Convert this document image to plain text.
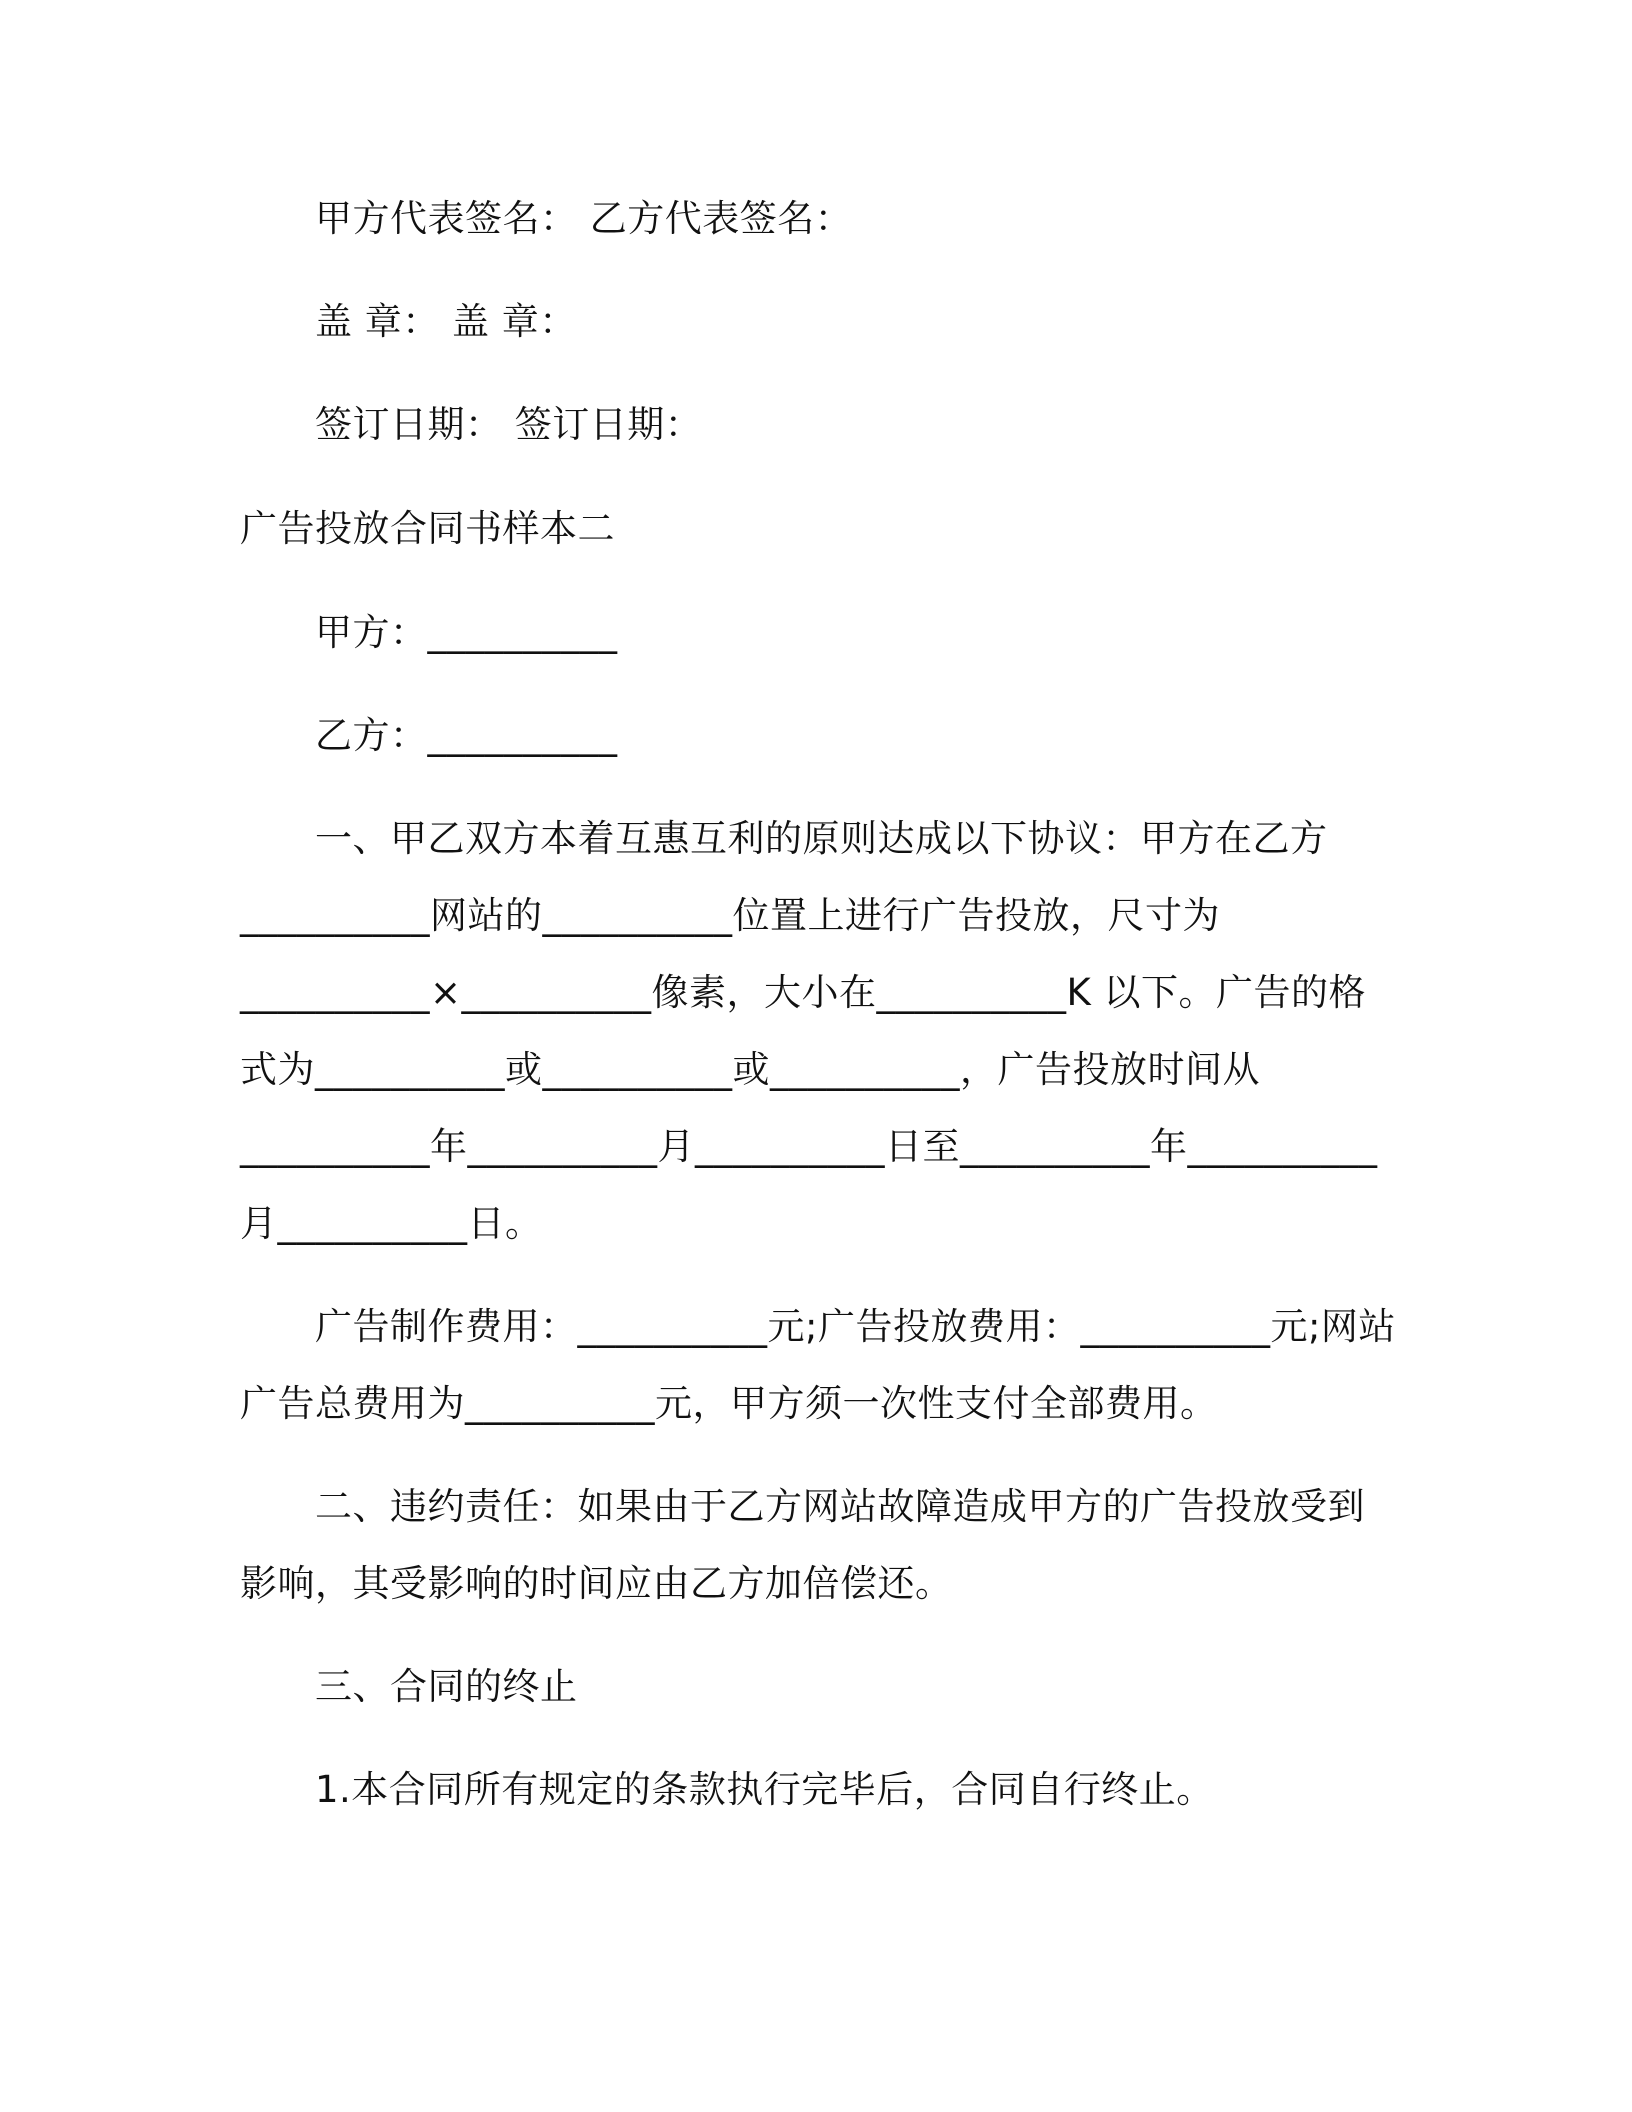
甲方代表签名： 乙方代表签名：
盖 章： 盖 章：
签订日期： 签订日期：
广告投放合同书样本二
甲方：__________
乙方：__________
一、甲乙双方本着互惠互利的原则达成以下协议：甲方在乙方
__________网站的__________位置上进行广告投放，尺寸为
__________×__________像素，大小在__________K 以下。广告的格
式为__________或__________或__________，广告投放时间从
__________年__________月__________日至__________年__________
月__________日。
广告制作费用：__________元;广告投放费用：__________元;网站
广告总费用为__________元，甲方须一次性支付全部费用。
二、违约责任：如果由于乙方网站故障造成甲方的广告投放受到
影响，其受影响的时间应由乙方加倍偿还。
三、合同的终止
1.本合同所有规定的条款执行完毕后，合同自行终止。
